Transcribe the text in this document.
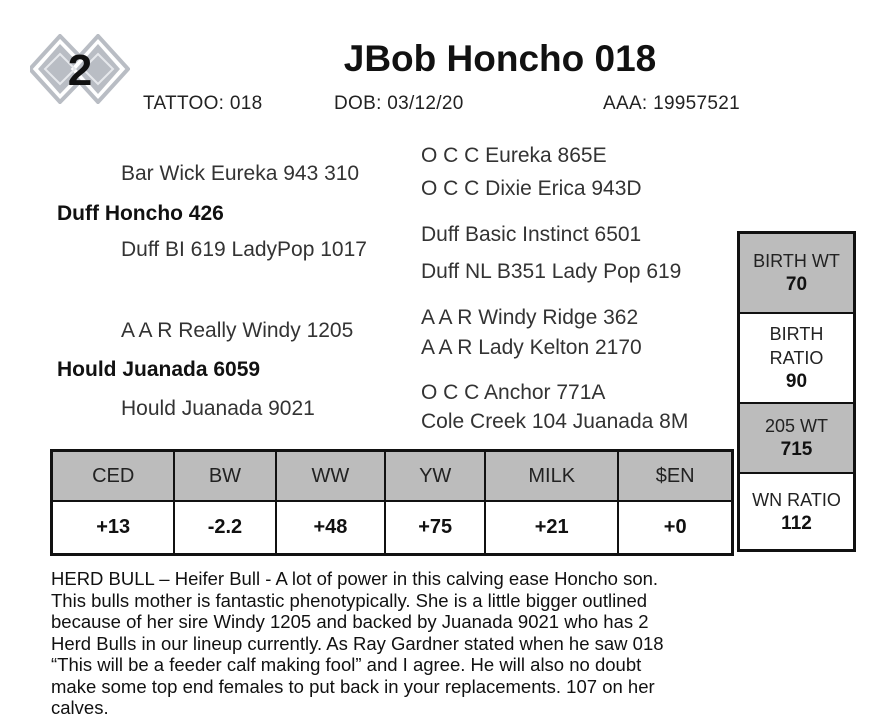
2	JBob Honcho 018
TATTOO: 018	DOB: 03/12/20	AAA: 19957521
O C C Eureka 865E
Bar Wick Eureka 943 310
O C C Dixie Erica 943D
Duff Honcho 426
Duff Basic Instinct 6501
Duff BI 619 LadyPop 1017
Duff NL B351 Lady Pop 619
A A R Windy Ridge 362
A A R Really Windy 1205
A A R Lady Kelton 2170
Hould Juanada 6059
O C C Anchor 771A
Hould Juanada 9021
Cole Creek 104 Juanada 8M
CED	BW	WW	YW	MILK	$EN
+13	-2.2	+48	+75	+21	+0
BIRTH WT
70
BIRTH
RATIO
90
205 WT
715
WN RATIO
112
HERD BULL – Heifer Bull - A lot of power in this calving ease Honcho son.
This bulls mother is fantastic phenotypically. She is a little bigger outlined
because of her sire Windy 1205 and backed by Juanada 9021 who has 2
Herd Bulls in our lineup currently. As Ray Gardner stated when he saw 018
“This will be a feeder calf making fool” and I agree. He will also no doubt
make some top end females to put back in your replacements. 107 on her
calves.
